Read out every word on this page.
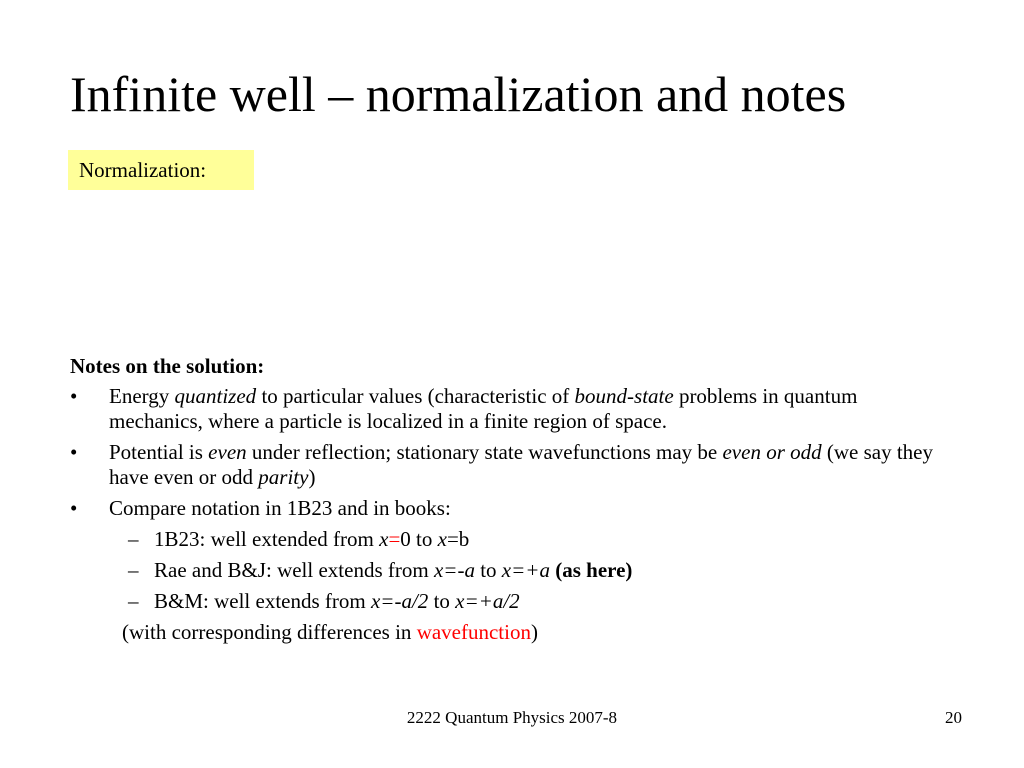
Infinite well – normalization and notes
Normalization:
Notes on the solution:
• Energy quantized to particular values (characteristic of bound-state problems in quantum mechanics, where a particle is localized in a finite region of space.
• Potential is even under reflection; stationary state wavefunctions may be even or odd (we say they have even or odd parity)
• Compare notation in 1B23 and in books:
– 1B23: well extended from x=0 to x=b
– Rae and B&J: well extends from x=-a to x=+a (as here)
– B&M: well extends from x=-a/2 to x=+a/2
(with corresponding differences in wavefunction)
2222 Quantum Physics 2007-8	20
